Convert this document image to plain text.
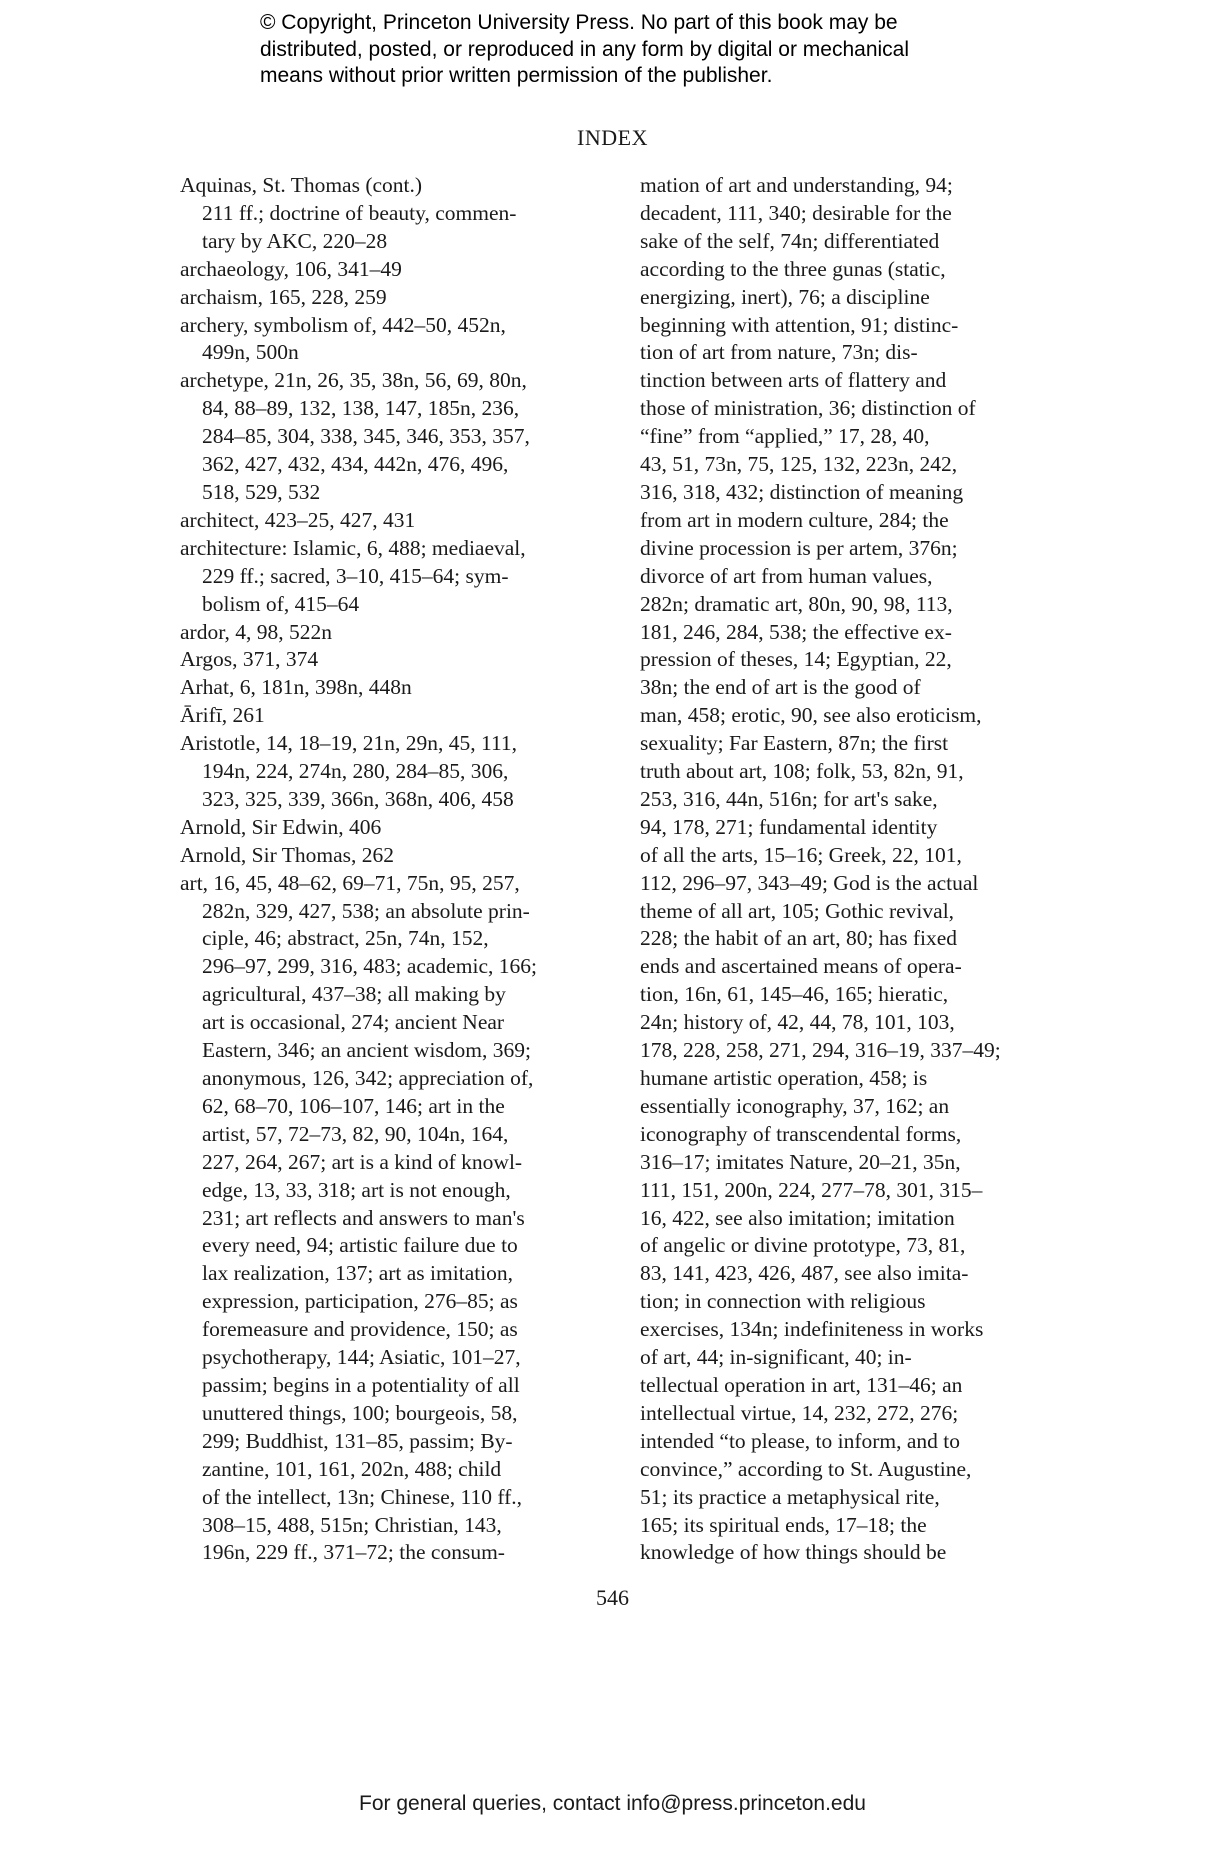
© Copyright, Princeton University Press. No part of this book may be
distributed, posted, or reproduced in any form by digital or mechanical
means without prior written permission of the publisher.
INDEX
Aquinas, St. Thomas (cont.)
211 ff.; doctrine of beauty, commen-
tary by AKC, 220–28
archaeology, 106, 341–49
archaism, 165, 228, 259
archery, symbolism of, 442–50, 452n,
499n, 500n
archetype, 21n, 26, 35, 38n, 56, 69, 80n,
84, 88–89, 132, 138, 147, 185n, 236,
284–85, 304, 338, 345, 346, 353, 357,
362, 427, 432, 434, 442n, 476, 496,
518, 529, 532
architect, 423–25, 427, 431
architecture: Islamic, 6, 488; mediaeval,
229 ff.; sacred, 3–10, 415–64; sym-
bolism of, 415–64
ardor, 4, 98, 522n
Argos, 371, 374
Arhat, 6, 181n, 398n, 448n
Ārifī, 261
Aristotle, 14, 18–19, 21n, 29n, 45, 111,
194n, 224, 274n, 280, 284–85, 306,
323, 325, 339, 366n, 368n, 406, 458
Arnold, Sir Edwin, 406
Arnold, Sir Thomas, 262
art, 16, 45, 48–62, 69–71, 75n, 95, 257,
282n, 329, 427, 538; an absolute prin-
ciple, 46; abstract, 25n, 74n, 152,
296–97, 299, 316, 483; academic, 166;
agricultural, 437–38; all making by
art is occasional, 274; ancient Near
Eastern, 346; an ancient wisdom, 369;
anonymous, 126, 342; appreciation of,
62, 68–70, 106–107, 146; art in the
artist, 57, 72–73, 82, 90, 104n, 164,
227, 264, 267; art is a kind of knowl-
edge, 13, 33, 318; art is not enough,
231; art reflects and answers to man's
every need, 94; artistic failure due to
lax realization, 137; art as imitation,
expression, participation, 276–85; as
foremeasure and providence, 150; as
psychotherapy, 144; Asiatic, 101–27,
passim; begins in a potentiality of all
unuttered things, 100; bourgeois, 58,
299; Buddhist, 131–85, passim; By-
zantine, 101, 161, 202n, 488; child
of the intellect, 13n; Chinese, 110 ff.,
308–15, 488, 515n; Christian, 143,
196n, 229 ff., 371–72; the consum-
mation of art and understanding, 94;
decadent, 111, 340; desirable for the
sake of the self, 74n; differentiated
according to the three gunas (static,
energizing, inert), 76; a discipline
beginning with attention, 91; distinc-
tion of art from nature, 73n; dis-
tinction between arts of flattery and
those of ministration, 36; distinction of
“fine” from “applied,” 17, 28, 40,
43, 51, 73n, 75, 125, 132, 223n, 242,
316, 318, 432; distinction of meaning
from art in modern culture, 284; the
divine procession is per artem, 376n;
divorce of art from human values,
282n; dramatic art, 80n, 90, 98, 113,
181, 246, 284, 538; the effective ex-
pression of theses, 14; Egyptian, 22,
38n; the end of art is the good of
man, 458; erotic, 90, see also eroticism,
sexuality; Far Eastern, 87n; the first
truth about art, 108; folk, 53, 82n, 91,
253, 316, 44n, 516n; for art's sake,
94, 178, 271; fundamental identity
of all the arts, 15–16; Greek, 22, 101,
112, 296–97, 343–49; God is the actual
theme of all art, 105; Gothic revival,
228; the habit of an art, 80; has fixed
ends and ascertained means of opera-
tion, 16n, 61, 145–46, 165; hieratic,
24n; history of, 42, 44, 78, 101, 103,
178, 228, 258, 271, 294, 316–19, 337–49;
humane artistic operation, 458; is
essentially iconography, 37, 162; an
iconography of transcendental forms,
316–17; imitates Nature, 20–21, 35n,
111, 151, 200n, 224, 277–78, 301, 315–
16, 422, see also imitation; imitation
of angelic or divine prototype, 73, 81,
83, 141, 423, 426, 487, see also imita-
tion; in connection with religious
exercises, 134n; indefiniteness in works
of art, 44; in-significant, 40; in-
tellectual operation in art, 131–46; an
intellectual virtue, 14, 232, 272, 276;
intended “to please, to inform, and to
convince,” according to St. Augustine,
51; its practice a metaphysical rite,
165; its spiritual ends, 17–18; the
knowledge of how things should be
546
For general queries, contact info@press.princeton.edu
